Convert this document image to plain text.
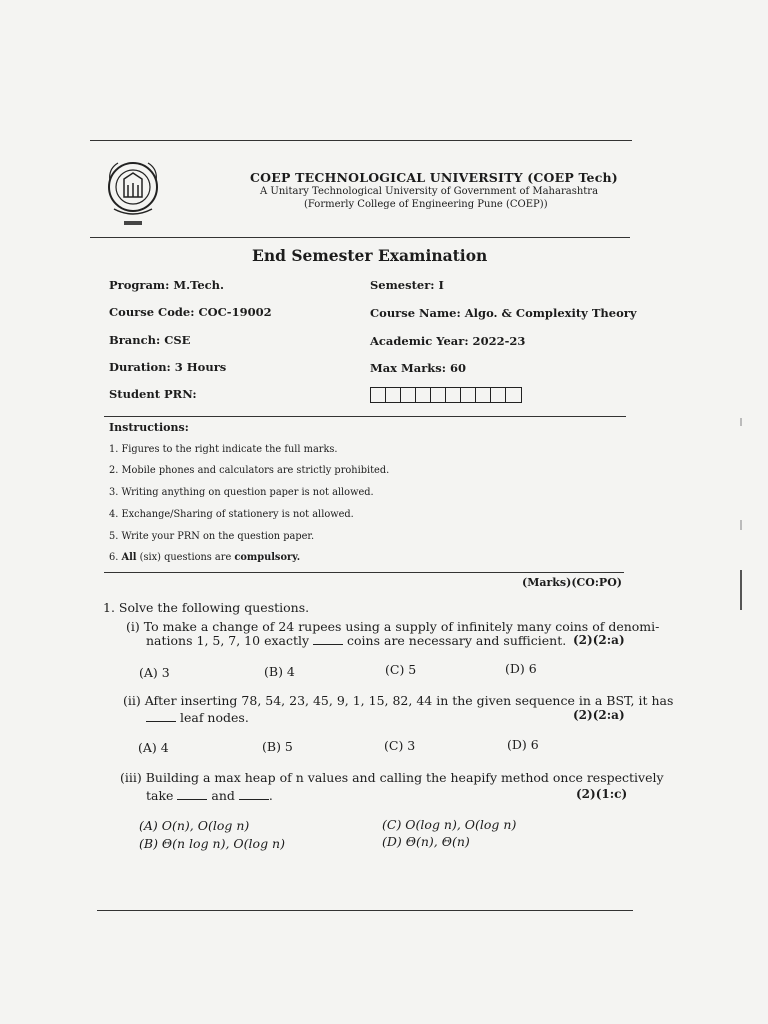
COEP TECHNOLOGICAL UNIVERSITY (COEP Tech)
A Unitary Technological University of Government of Maharashtra
(Formerly College of Engineering Pune (COEP))
End Semester Examination
Program: M.Tech.	Semester: I
Course Code: COC-19002	Course Name: Algo. & Complexity Theory
Branch: CSE	Academic Year: 2022-23
Duration: 3 Hours	Max Marks: 60
Student PRN:
Instructions:
1. Figures to the right indicate the full marks.
2. Mobile phones and calculators are strictly prohibited.
3. Writing anything on question paper is not allowed.
4. Exchange/Sharing of stationery is not allowed.
5. Write your PRN on the question paper.
6. All (six) questions are compulsory.
(Marks)(CO:PO)
1. Solve the following questions.
(i) To make a change of 24 rupees using a supply of infinitely many coins of denomi-
nations 1, 5, 7, 10 exactly	coins are necessary and sufficient. (2)(2:a)
(A) 3	(B) 4	(C) 5	(D) 6
(ii) After inserting 78, 54, 23, 45, 9, 1, 15, 82, 44 in the given sequence in a BST, it has
leaf nodes.	(2)(2:a)
(A) 4	(B) 5	(C) 3	(D) 6
(iii) Building a max heap of n values and calling the heapify method once respectively
take	and	.	(2)(1:c)
(A) O(n), O(log n)
(B) Θ(n log n), O(log n)
(C) O(log n), O(log n)
(D) Θ(n), Θ(n)
